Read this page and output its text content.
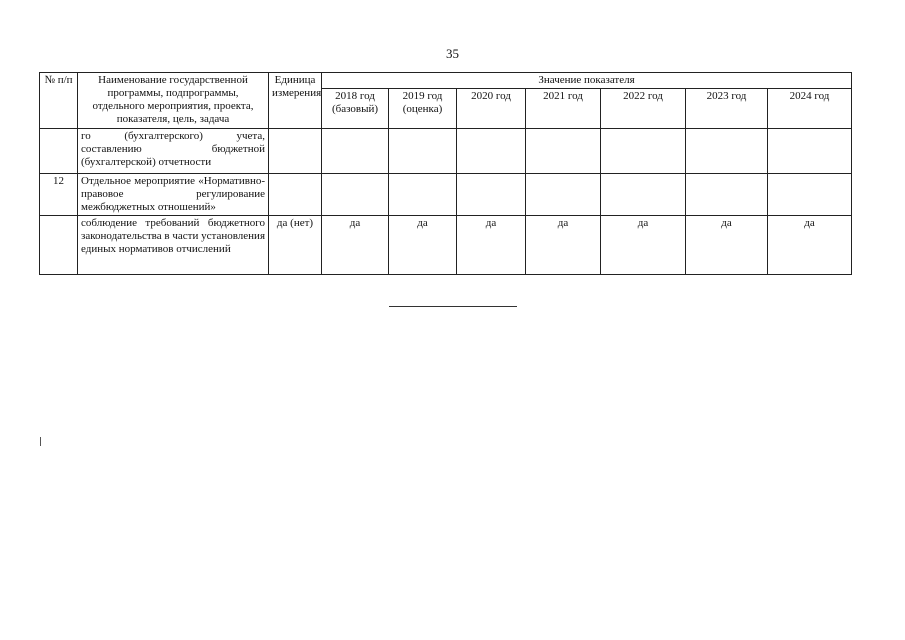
35
№ п/п	Наименование государственной программы, подпрограммы, отдельного мероприятия, проекта, показателя, цель, задача	Единица измерения	Значение показателя						
			2018 год (базовый)	2019 год (оценка)	2020 год	2021 год	2022 год	2023 год	2024 год
	го (бухгалтерского) учета, составлению бюджетной (бухгалтерской) отчетности								
12	Отдельное мероприятие «Нормативно-правовое регулирование межбюджетных отношений»								
	соблюдение требований бюджетного законодательства в части установления единых нормативов отчислений	да (нет)	да	да	да	да	да	да	да
